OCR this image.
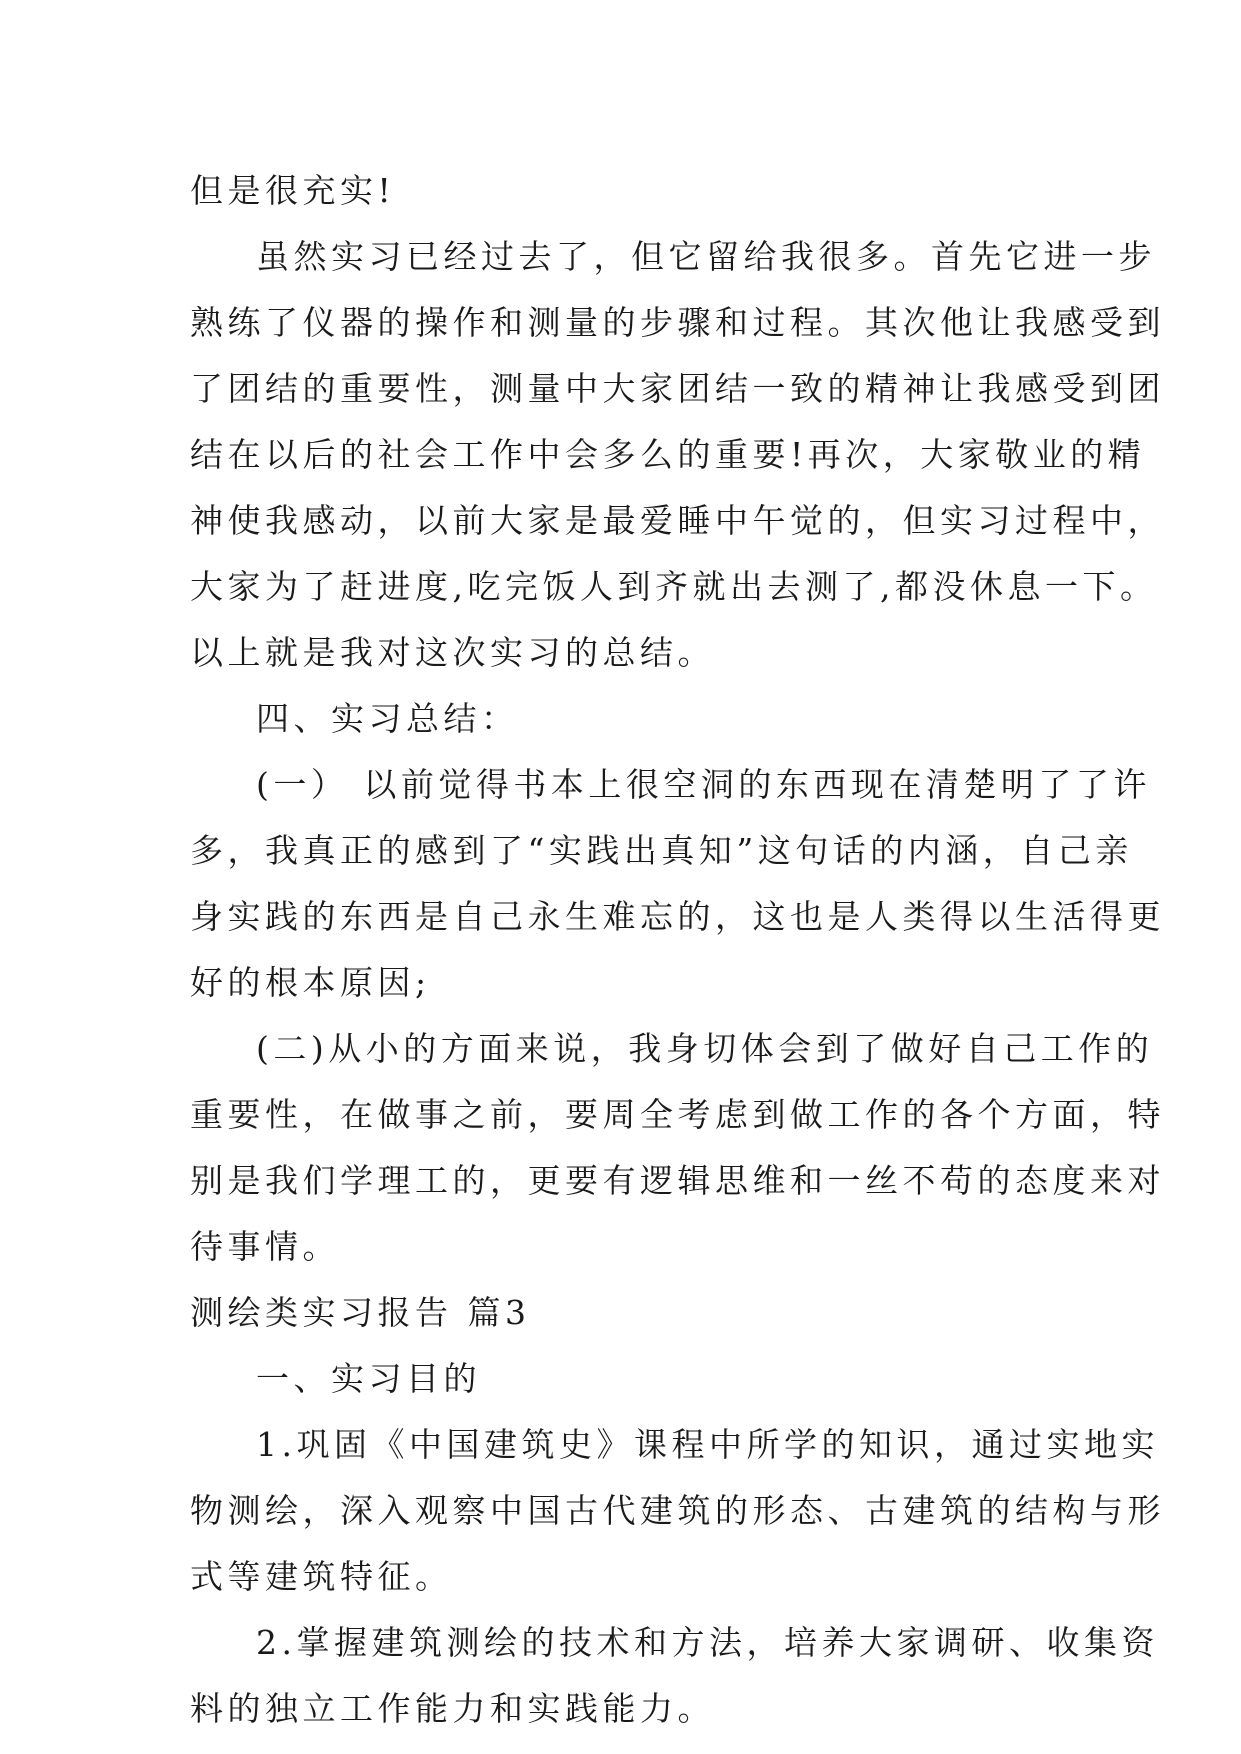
但是很充实!

虽然实习已经过去了，但它留给我很多。首先它进一步
熟练了仪器的操作和测量的步骤和过程。其次他让我感受到
了团结的重要性，测量中大家团结一致的精神让我感受到团
结在以后的社会工作中会多么的重要!再次，大家敬业的精
神使我感动，以前大家是最爱睡中午觉的，但实习过程中，
大家为了赶进度,吃完饭人到齐就出去测了,都没休息一下。
以上就是我对这次实习的总结。

四、实习总结：

(一） 以前觉得书本上很空洞的东西现在清楚明了了许
多，我真正的感到了“实践出真知”这句话的内涵，自己亲
身实践的东西是自己永生难忘的，这也是人类得以生活得更
好的根本原因;

(二)从小的方面来说，我身切体会到了做好自己工作的
重要性，在做事之前，要周全考虑到做工作的各个方面，特
别是我们学理工的，更要有逻辑思维和一丝不苟的态度来对
待事情。

测绘类实习报告 篇3

一、实习目的

1.巩固《中国建筑史》课程中所学的知识，通过实地实
物测绘，深入观察中国古代建筑的形态、古建筑的结构与形
式等建筑特征。

2.掌握建筑测绘的技术和方法，培养大家调研、收集资
料的独立工作能力和实践能力。
